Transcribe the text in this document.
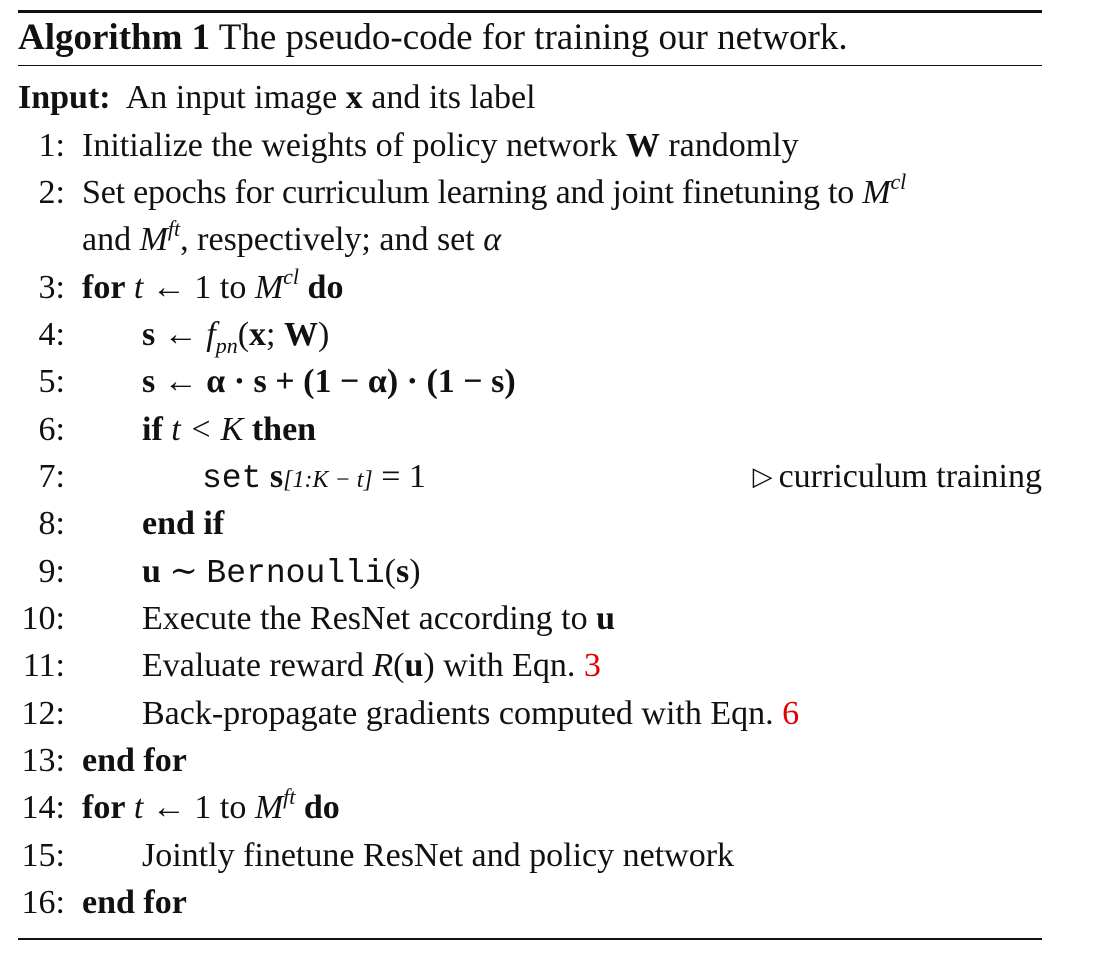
Algorithm 1 The pseudo-code for training our network.
Input: An input image x and its label
1: Initialize the weights of policy network W randomly
2: Set epochs for curriculum learning and joint finetuning to $M^{cl}$
and $M^{ft}$, respectively; and set α
3: for t ← 1 to $M^{cl}$ do
4: s ← $f_{pn}(x$; W)
5: s ← α · s + (1 − α) · (1 − s)
6: if t < K then
7:	set s[1:K − t] = 1	▷ curriculum training
8: end if
9: u ∼ Bernoulli(s)
10: Execute the ResNet according to u
11: Evaluate reward R(u) with Eqn. 3
12: Back-propagate gradients computed with Eqn. 6
13: end for
14: for t ← 1 to $M^{ft}$ do
15: Jointly finetune ResNet and policy network
16: end for
